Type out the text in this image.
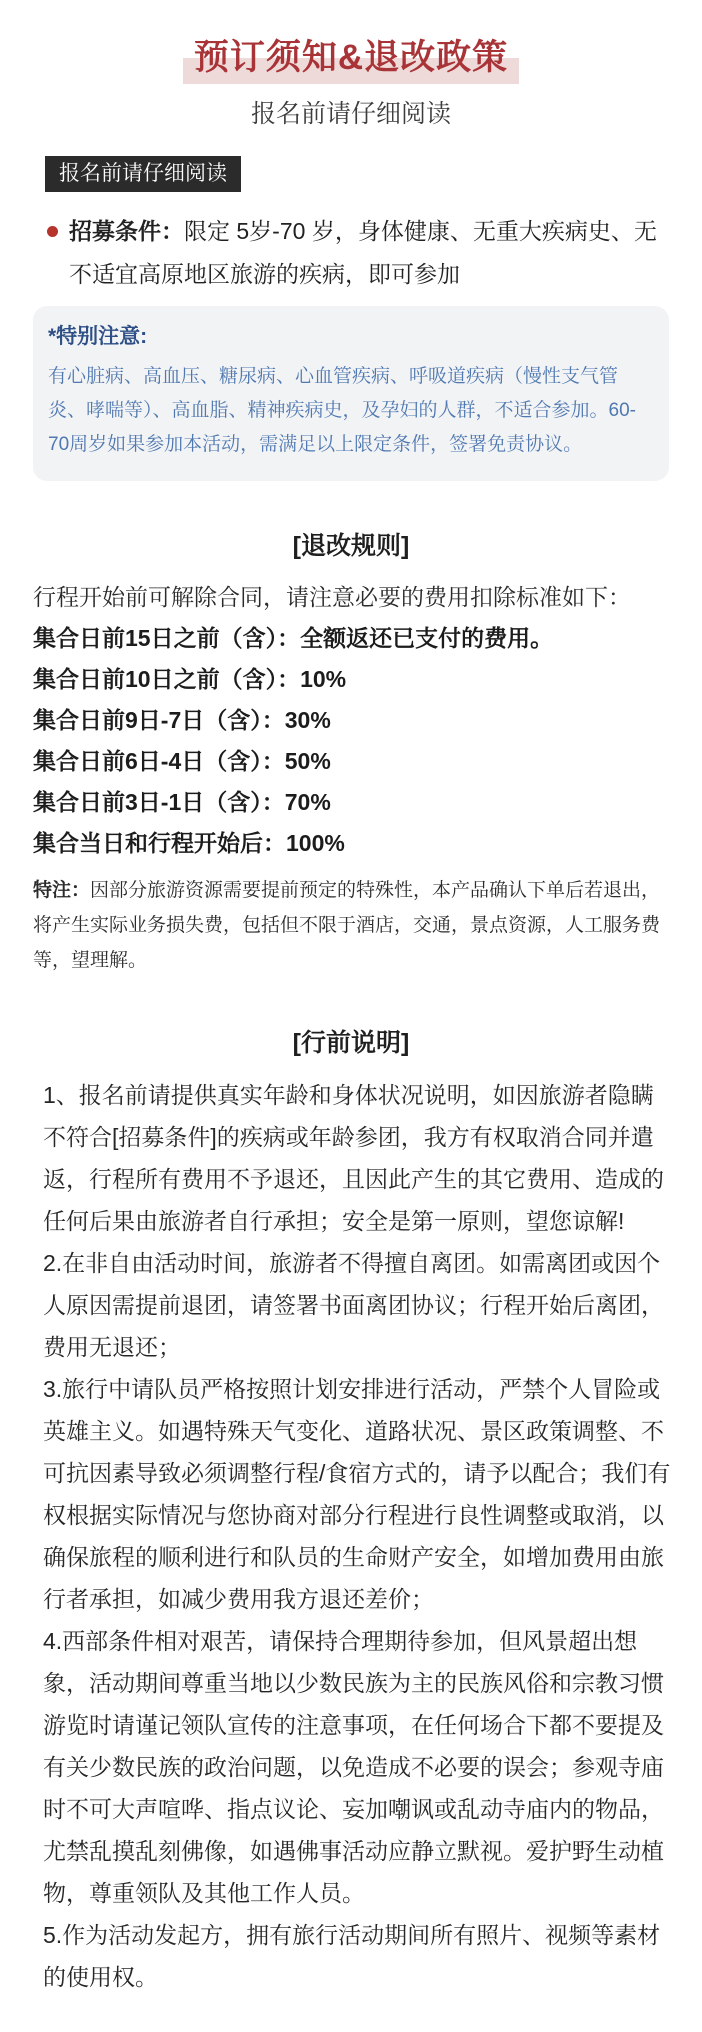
预订须知&退改政策
报名前请仔细阅读
报名前请仔细阅读
招募条件：限定 5岁-70 岁，身体健康、无重大疾病史、无不适宜高原地区旅游的疾病，即可参加
*特别注意:
有心脏病、高血压、糖尿病、心血管疾病、呼吸道疾病（慢性支气管炎、哮喘等）、高血脂、精神疾病史，及孕妇的人群，不适合参加。60-70周岁如果参加本活动，需满足以上限定条件，签署免责协议。
[退改规则]
行程开始前可解除合同，请注意必要的费用扣除标准如下：
集合日前15日之前（含）：全额返还已支付的费用。
集合日前10日之前（含）：10%
集合日前9日-7日（含）：30%
集合日前6日-4日（含）：50%
集合日前3日-1日（含）：70%
集合当日和行程开始后：100%

特注：因部分旅游资源需要提前预定的特殊性，本产品确认下单后若退出，将产生实际业务损失费，包括但不限于酒店，交通，景点资源，人工服务费等，望理解。

[行前说明]

1、报名前请提供真实年龄和身体状况说明，如因旅游者隐瞒不符合[招募条件]的疾病或年龄参团，我方有权取消合同并遣返，行程所有费用不予退还，且因此产生的其它费用、造成的任何后果由旅游者自行承担；安全是第一原则，望您谅解!

2.在非自由活动时间，旅游者不得擅自离团。如需离团或因个人原因需提前退团，请签署书面离团协议；行程开始后离团，费用无退还；

3.旅行中请队员严格按照计划安排进行活动，严禁个人冒险或英雄主义。如遇特殊天气变化、道路状况、景区政策调整、不可抗因素导致必须调整行程/食宿方式的，请予以配合；我们有权根据实际情况与您协商对部分行程进行良性调整或取消，以确保旅程的顺利进行和队员的生命财产安全，如增加费用由旅行者承担，如减少费用我方退还差价；

4.西部条件相对艰苦，请保持合理期待参加，但风景超出想象，活动期间尊重当地以少数民族为主的民族风俗和宗教习惯游览时请谨记领队宣传的注意事项，在任何场合下都不要提及有关少数民族的政治问题，以免造成不必要的误会；参观寺庙时不可大声喧哗、指点议论、妄加嘲讽或乱动寺庙内的物品，尤禁乱摸乱刻佛像，如遇佛事活动应静立默视。爱护野生动植物，尊重领队及其他工作人员。

5.作为活动发起方，拥有旅行活动期间所有照片、视频等素材的使用权。
